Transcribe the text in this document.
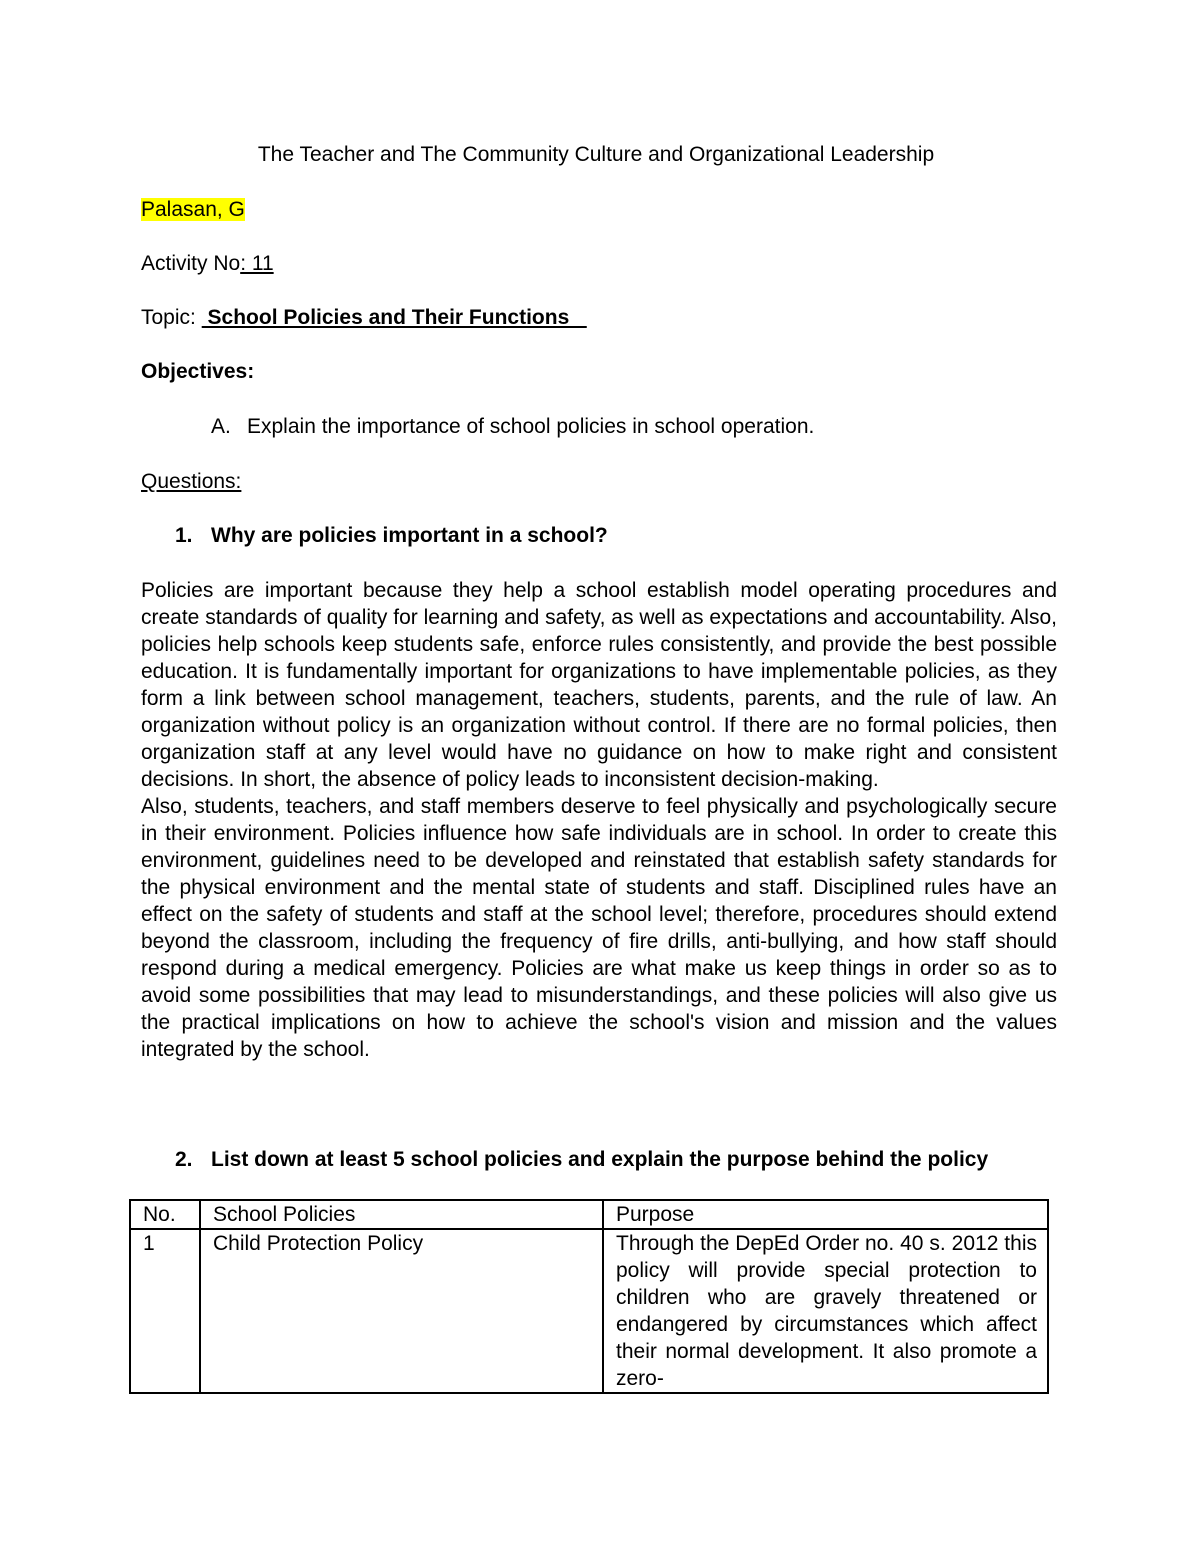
The Teacher and The Community Culture and Organizational Leadership
Palasan, G
Activity No: 11
Topic:  School Policies and Their Functions
Objectives:
A. Explain the importance of school policies in school operation.
Questions:
1. Why are policies important in a school?

Policies are important because they help a school establish model operating procedures and create standards of quality for learning and safety, as well as expectations and accountability. Also, policies help schools keep students safe, enforce rules consistently, and provide the best possible education. It is fundamentally important for organizations to have implementable policies, as they form a link between school management, teachers, students, parents, and the rule of law. An organization without policy is an organization without control. If there are no formal policies, then organization staff at any level would have no guidance on how to make right and consistent decisions. In short, the absence of policy leads to inconsistent decision-making.

Also, students, teachers, and staff members deserve to feel physically and psychologically secure in their environment. Policies influence how safe individuals are in school. In order to create this environment, guidelines need to be developed and reinstated that establish safety standards for the physical environment and the mental state of students and staff. Disciplined rules have an effect on the safety of students and staff at the school level; therefore, procedures should extend beyond the classroom, including the frequency of fire drills, anti-bullying, and how staff should respond during a medical emergency. Policies are what make us keep things in order so as to avoid some possibilities that may lead to misunderstandings, and these policies will also give us the practical implications on how to achieve the school's vision and mission and the values integrated by the school.

2. List down at least 5 school policies and explain the purpose behind the policy
No.	School Policies	Purpose
1	Child Protection Policy	Through the DepEd Order no. 40 s. 2012 this policy will provide special protection to children who are gravely threatened or endangered by circumstances which affect their normal development. It also promote a zero-
